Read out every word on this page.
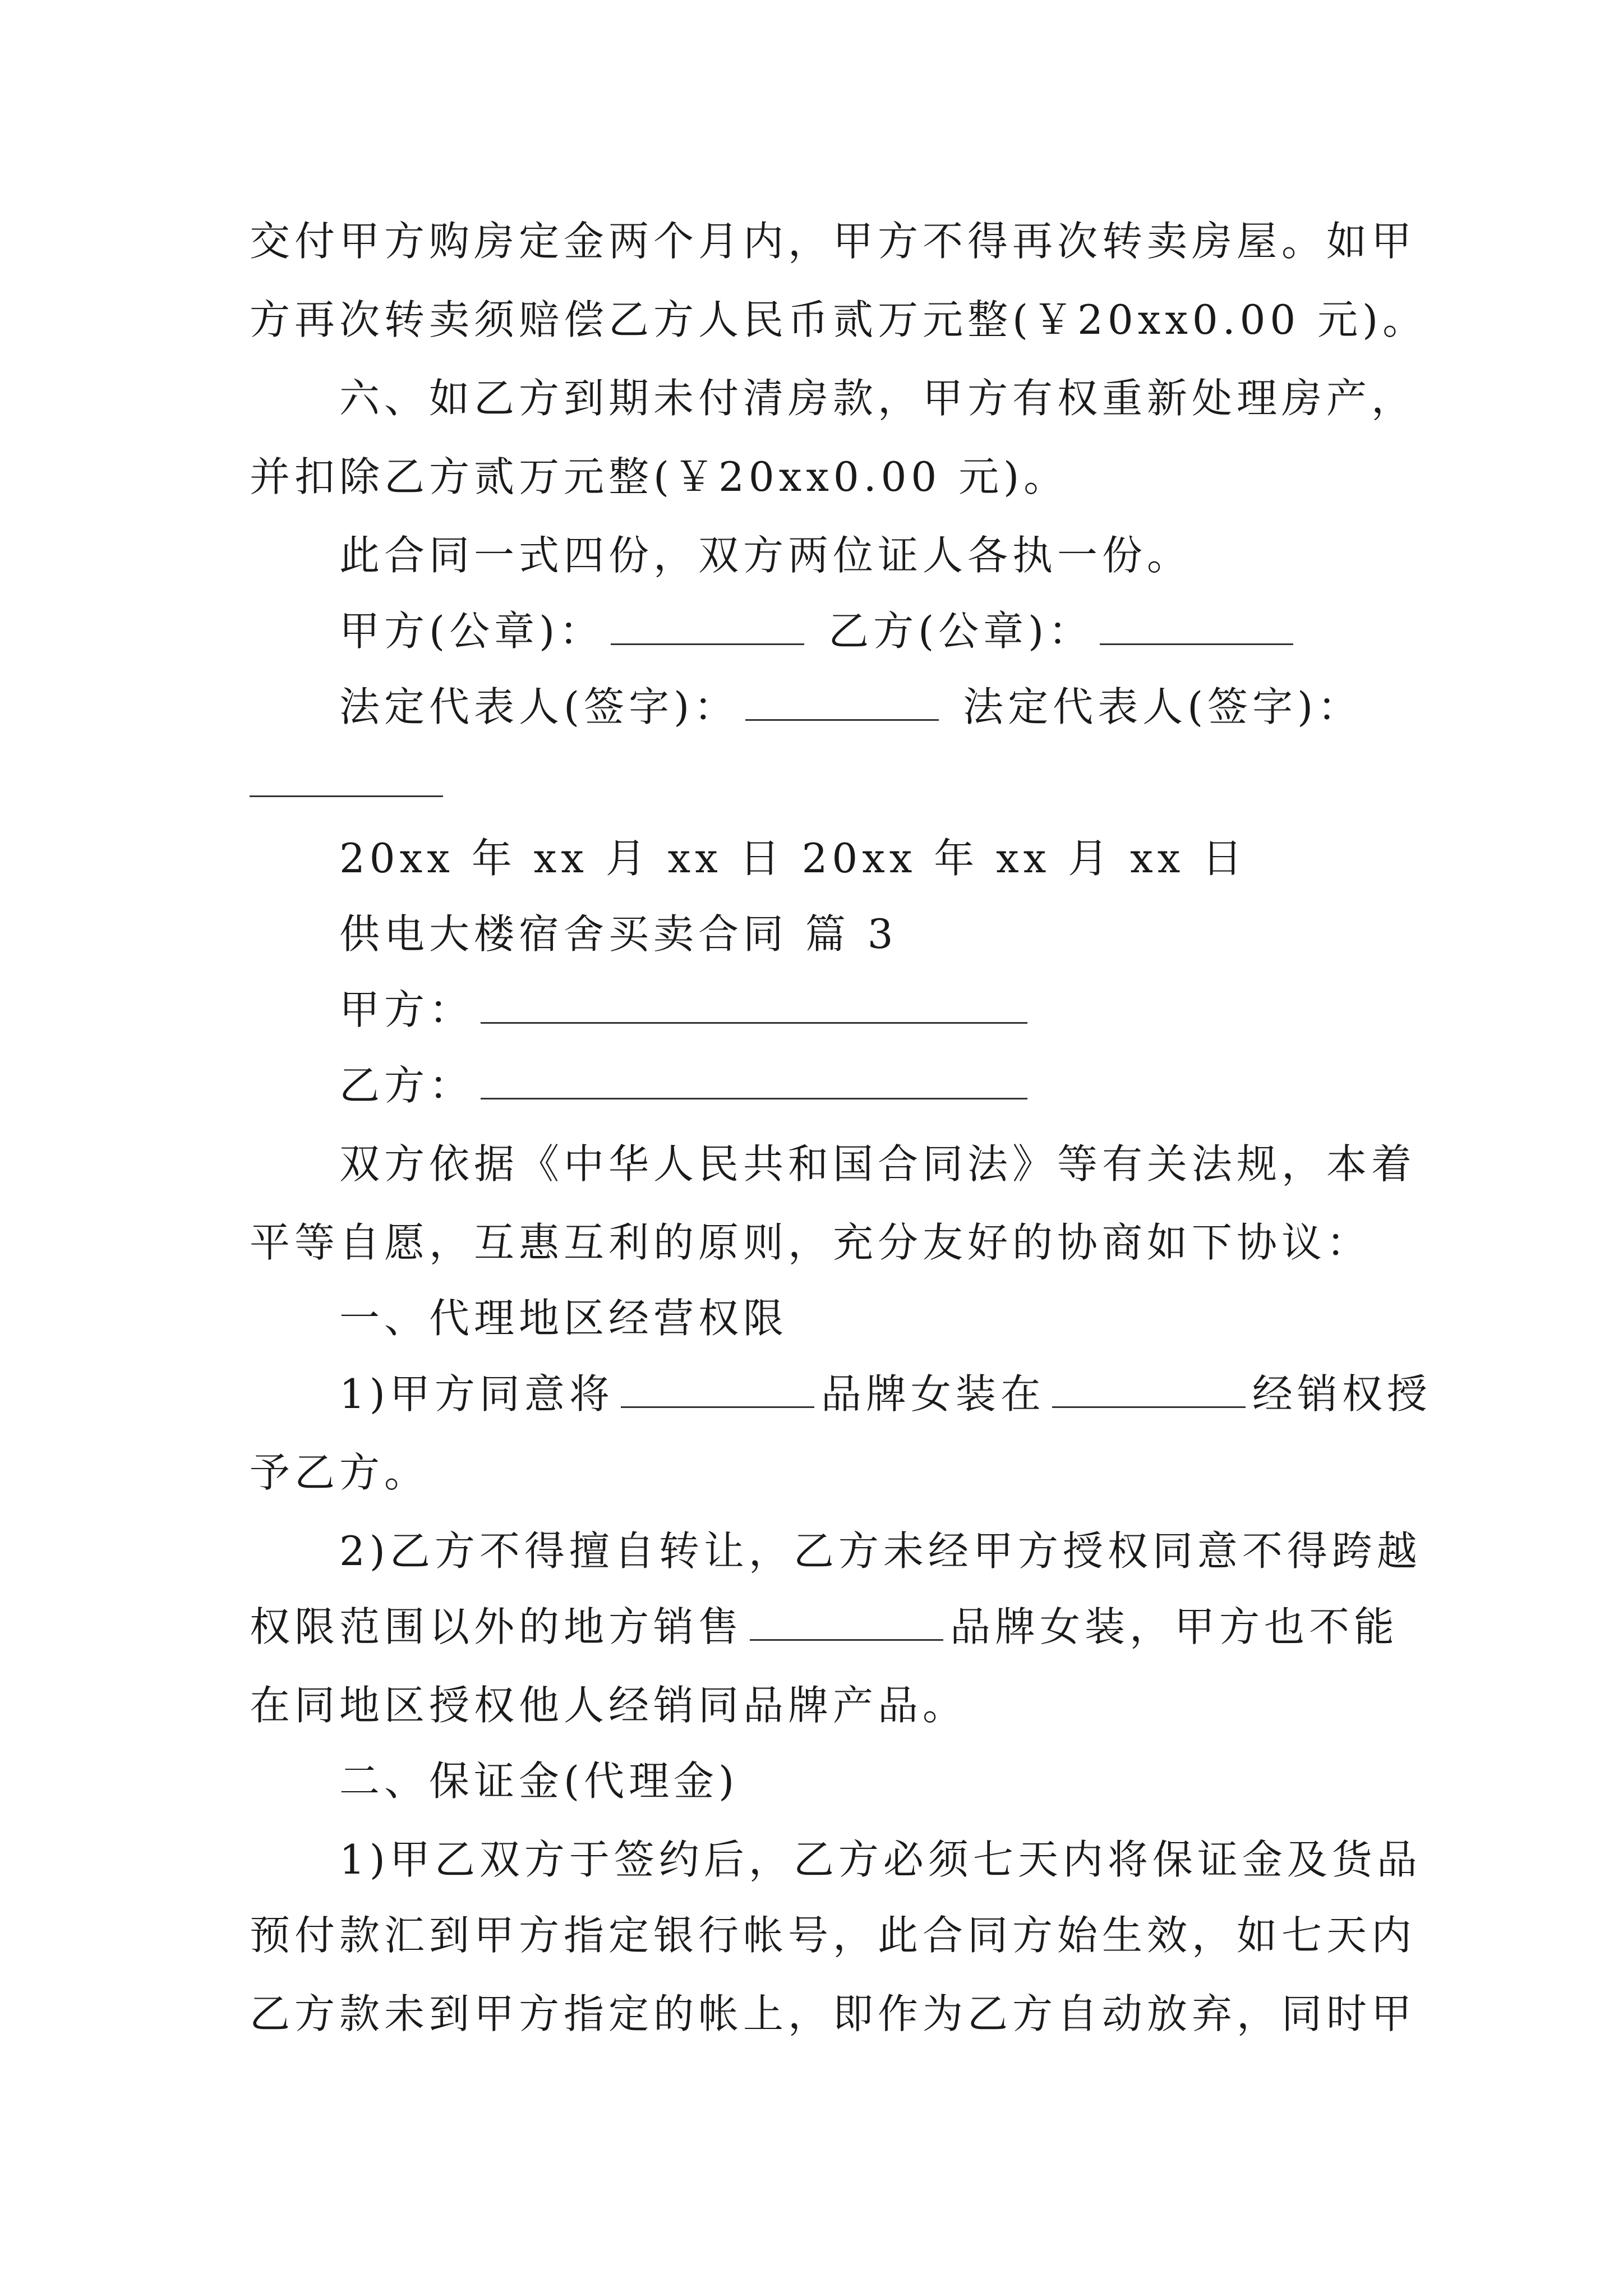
交付甲方购房定金两个月内，甲方不得再次转卖房屋。如甲
方再次转卖须赔偿乙方人民币贰万元整(￥20xx0.00 元)。
六、如乙方到期未付清房款，甲方有权重新处理房产，
并扣除乙方贰万元整(￥20xx0.00 元)。
此合同一式四份，双方两位证人各执一份。
甲方(公章)：	乙方(公章)：
法定代表人(签字)：	法定代表人(签字)：
20xx 年 xx 月 xx 日 20xx 年 xx 月 xx 日
供电大楼宿舍买卖合同 篇 3
甲方：
乙方：
双方依据《中华人民共和国合同法》等有关法规，本着
平等自愿，互惠互利的原则，充分友好的协商如下协议：
一、代理地区经营权限
1)甲方同意将	品牌女装在	经销权授
予乙方。
2)乙方不得擅自转让，乙方未经甲方授权同意不得跨越
权限范围以外的地方销售	品牌女装，甲方也不能
在同地区授权他人经销同品牌产品。
二、保证金(代理金)
1)甲乙双方于签约后，乙方必须七天内将保证金及货品
预付款汇到甲方指定银行帐号，此合同方始生效，如七天内
乙方款未到甲方指定的帐上，即作为乙方自动放弃，同时甲
